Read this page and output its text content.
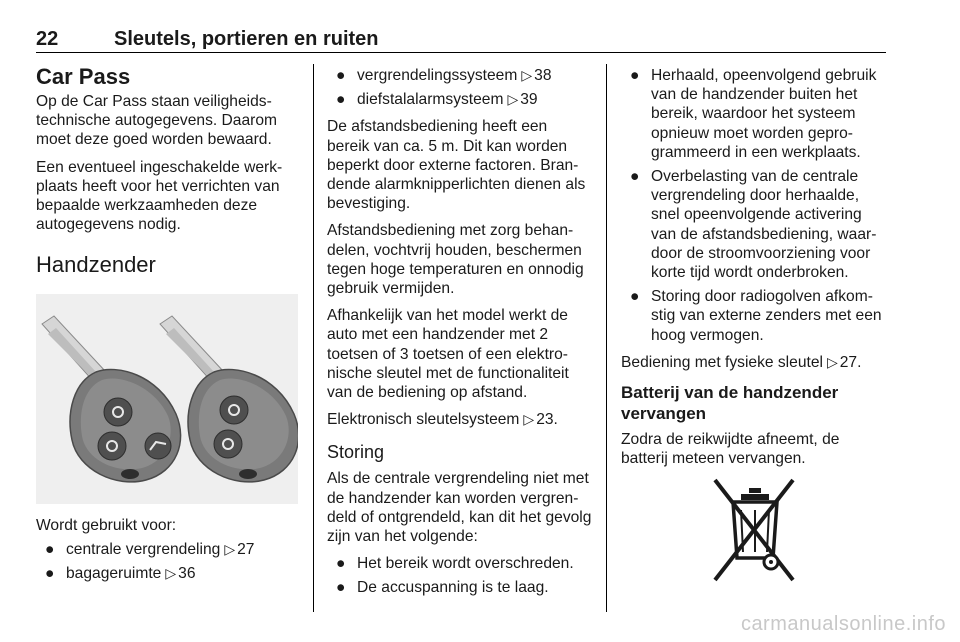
22	Sleutels, portieren en ruiten
Car Pass

Op de Car Pass staan veiligheids-technische autogegevens. Daarom moet deze goed worden bewaard.

Een eventueel ingeschakelde werk-plaats heeft voor het verrichten van bepaalde werkzaamheden deze autogegevens nodig.

Handzender

Wordt gebruikt voor:

● centrale vergrendeling ▷ 27
● bagageruimte ▷ 36
● vergrendelingssysteem ▷ 38
● diefstalalarmsysteem ▷ 39

De afstandsbediening heeft een bereik van ca. 5 m. Dit kan worden beperkt door externe factoren. Bran-dende alarmknipperlichten dienen als bevestiging.

Afstandsbediening met zorg behan-delen, vochtvrij houden, beschermen tegen hoge temperaturen en onnodig gebruik vermijden.

Afhankelijk van het model werkt de auto met een handzender met 2 toetsen of 3 toetsen of een elektro-nische sleutel met de functionaliteit van de bediening op afstand.

Elektronisch sleutelsysteem ▷ 23.

Storing

Als de centrale vergrendeling niet met de handzender kan worden vergren-deld of ontgrendeld, kan dit het gevolg zijn van het volgende:

● Het bereik wordt overschreden.
● De accuspanning is te laag.
● Herhaald, opeenvolgend gebruik van de handzender buiten het bereik, waardoor het systeem opnieuw moet worden gepro-grammeerd in een werkplaats.
● Overbelasting van de centrale vergrendeling door herhaalde, snel opeenvolgende activering van de afstandsbediening, waar-door de stroomvoorziening voor korte tijd wordt onderbroken.
● Storing door radiogolven afkom-stig van externe zenders met een hoog vermogen.

Bediening met fysieke sleutel ▷ 27.

Batterij van de handzender vervangen

Zodra de reikwijdte afneemt, de batterij meteen vervangen.

carmanualsonline.info
